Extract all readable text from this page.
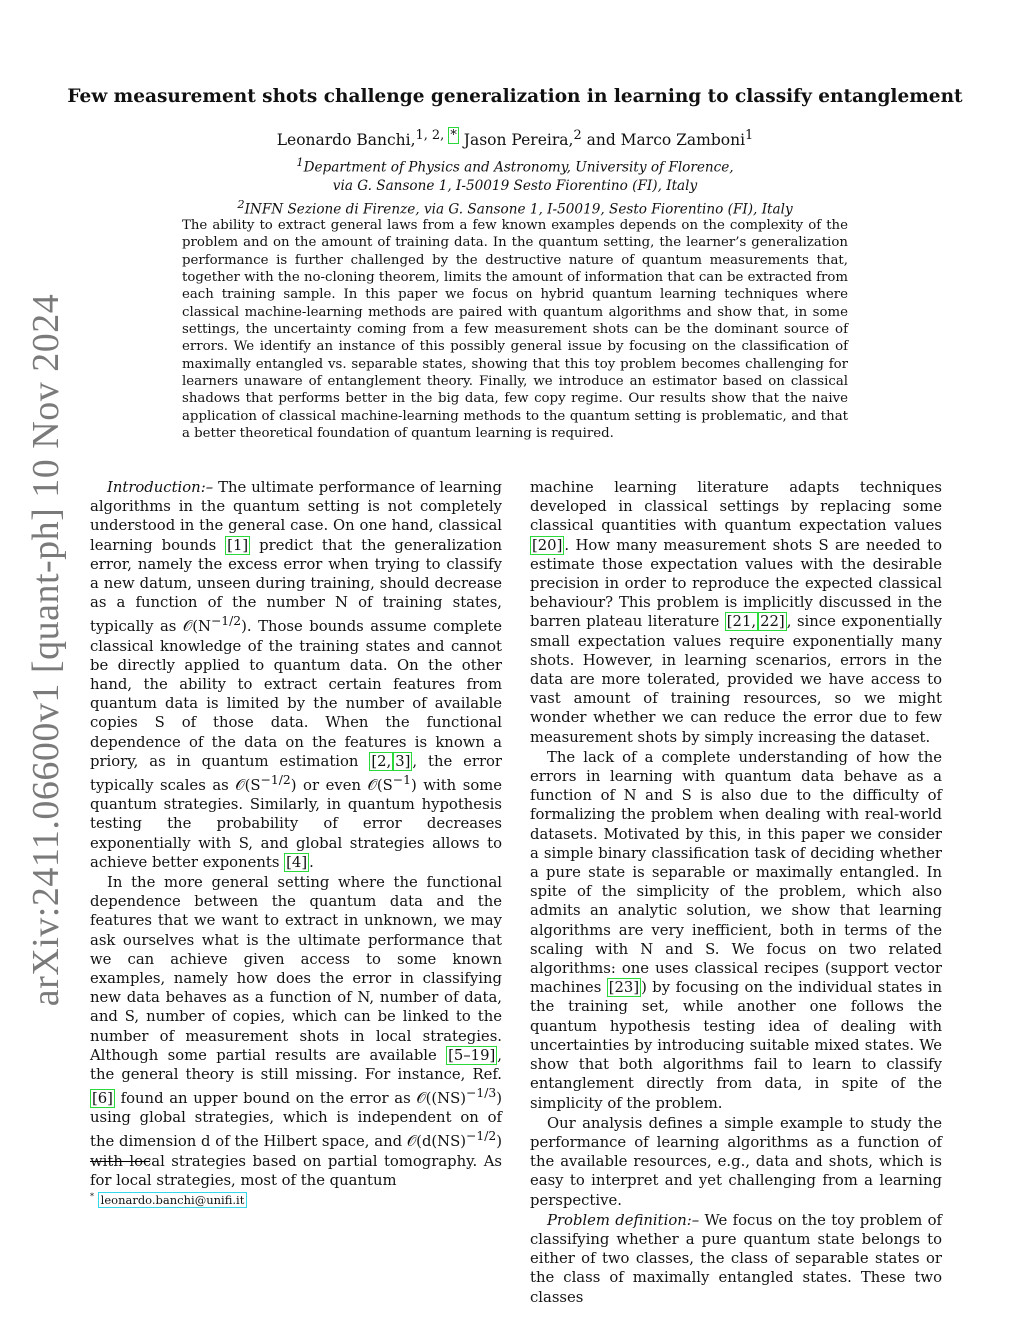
arXiv:2411.06600v1 [quant-ph] 10 Nov 2024
Few measurement shots challenge generalization in learning to classify entanglement
Leonardo Banchi,$^{1, 2,}$ * Jason Pereira,$^2$ and Marco Zamboni$^1$
$^1$Department of Physics and Astronomy, University of Florence,
via G. Sansone 1, I-50019 Sesto Fiorentino (FI), Italy
$^2$INFN Sezione di Firenze, via G. Sansone 1, I-50019, Sesto Fiorentino (FI), Italy
The ability to extract general laws from a few known examples depends on the complexity of the problem and on the amount of training data. In the quantum setting, the learner’s generalization performance is further challenged by the destructive nature of quantum measurements that, together with the no-cloning theorem, limits the amount of information that can be extracted from each training sample. In this paper we focus on hybrid quantum learning techniques where classical machine-learning methods are paired with quantum algorithms and show that, in some settings, the uncertainty coming from a few measurement shots can be the dominant source of errors. We identify an instance of this possibly general issue by focusing on the classification of maximally entangled vs. separable states, showing that this toy problem becomes challenging for learners unaware of entanglement theory. Finally, we introduce an estimator based on classical shadows that performs better in the big data, few copy regime. Our results show that the naive application of classical machine-learning methods to the quantum setting is problematic, and that a better theoretical foundation of quantum learning is required.

Introduction:– The ultimate performance of learning algorithms in the quantum setting is not completely understood in the general case. On one hand, classical learning bounds [1] predict that the generalization error, namely the excess error when trying to classify a new datum, unseen during training, should decrease as a function of the number N of training states, typically as $𝒪(N^{-1/2})$. Those bounds assume complete classical knowledge of the training states and cannot be directly applied to quantum data. On the other hand, the ability to extract certain features from quantum data is limited by the number of available copies S of those data. When the functional dependence of the data on the features is known a priory, as in quantum estimation [2, 3] , the error typically scales as $𝒪(S^{-1/2})$ or even $𝒪(S^{-1})$ with some quantum strategies. Similarly, in quantum hypothesis testing the probability of error decreases exponentially with S, and global strategies allows to achieve better exponents [4] .

In the more general setting where the functional dependence between the quantum data and the features that we want to extract in unknown, we may ask ourselves what is the ultimate performance that we can achieve given access to some known examples, namely how does the error in classifying new data behaves as a function of N, number of data, and S, number of copies, which can be linked to the number of measurement shots in local strategies. Although some partial results are available [5–19] , the general theory is still missing. For instance, Ref. [6] found an upper bound on the error as 𝒪((NS)$^{-1/3}$) using global strategies, which is independent on of the dimension d of the Hilbert space, and 𝒪(d(NS)$^{-1/2}$) with local strategies based on partial tomography. As for local strategies, most of the quantum

machine learning literature adapts techniques developed in classical settings by replacing some classical quantities with quantum expectation values [20] . How many measurement shots S are needed to estimate those expectation values with the desirable precision in order to reproduce the expected classical behaviour? This problem is implicitly discussed in the barren plateau literature [21, 22] , since exponentially small expectation values require exponentially many shots. However, in learning scenarios, errors in the data are more tolerated, provided we have access to vast amount of training resources, so we might wonder whether we can reduce the error due to few measurement shots by simply increasing the dataset.

The lack of a complete understanding of how the errors in learning with quantum data behave as a function of N and S is also due to the difficulty of formalizing the problem when dealing with real-world datasets. Motivated by this, in this paper we consider a simple binary classification task of deciding whether a pure state is separable or maximally entangled. In spite of the simplicity of the problem, which also admits an analytic solution, we show that learning algorithms are very inefficient, both in terms of the scaling with N and S. We focus on two related algorithms: one uses classical recipes (support vector machines [23] ) by focusing on the individual states in the training set, while another one follows the quantum hypothesis testing idea of dealing with uncertainties by introducing suitable mixed states. We show that both algorithms fail to learn to classify entanglement directly from data, in spite of the simplicity of the problem.

Our analysis defines a simple example to study the performance of learning algorithms as a function of the available resources, e.g., data and shots, which is easy to interpret and yet challenging from a learning perspective.

Problem definition:– We focus on the toy problem of classifying whether a pure quantum state belongs to either of two classes, the class of separable states or the class of maximally entangled states. These two classes

* leonardo.banchi@unifi.it
